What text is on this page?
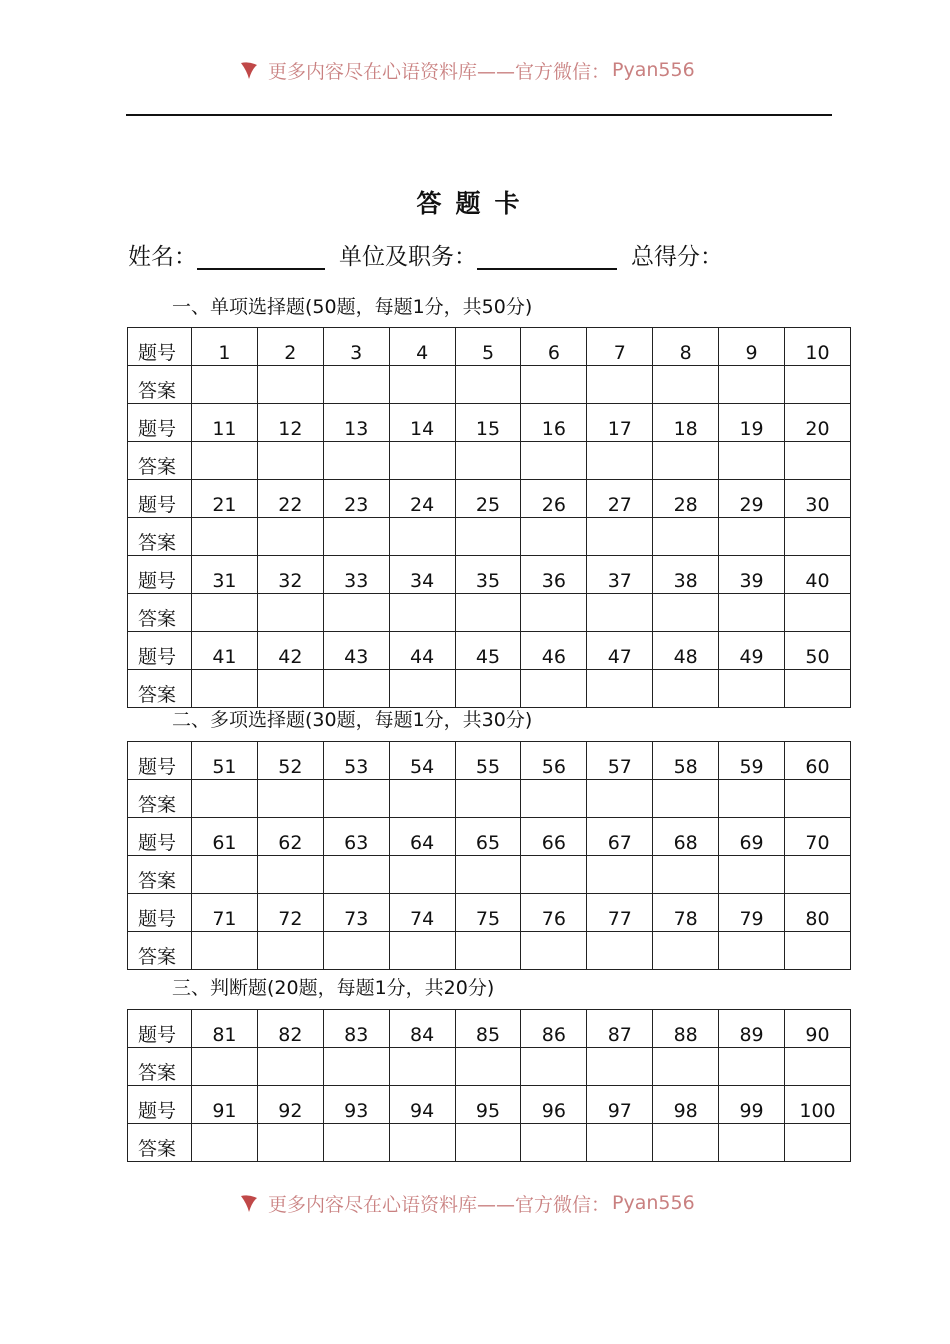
更多内容尽在心语资料库——官方微信： Pyan556
答题卡
姓名：	单位及职务：	总得分：
一、单项选择题(50题，每题1分，共50分)
题号	1	2	3	4	5	6	7	8	9	10
答案										
题号	11	12	13	14	15	16	17	18	19	20
答案										
题号	21	22	23	24	25	26	27	28	29	30
答案										
题号	31	32	33	34	35	36	37	38	39	40
答案										
题号	41	42	43	44	45	46	47	48	49	50
答案										
二、多项选择题(30题，每题1分，共30分)
题号	51	52	53	54	55	56	57	58	59	60
答案										
题号	61	62	63	64	65	66	67	68	69	70
答案										
题号	71	72	73	74	75	76	77	78	79	80
答案										
三、判断题(20题，每题1分，共20分)
题号	81	82	83	84	85	86	87	88	89	90
答案										
题号	91	92	93	94	95	96	97	98	99	100
答案										
更多内容尽在心语资料库——官方微信： Pyan556
